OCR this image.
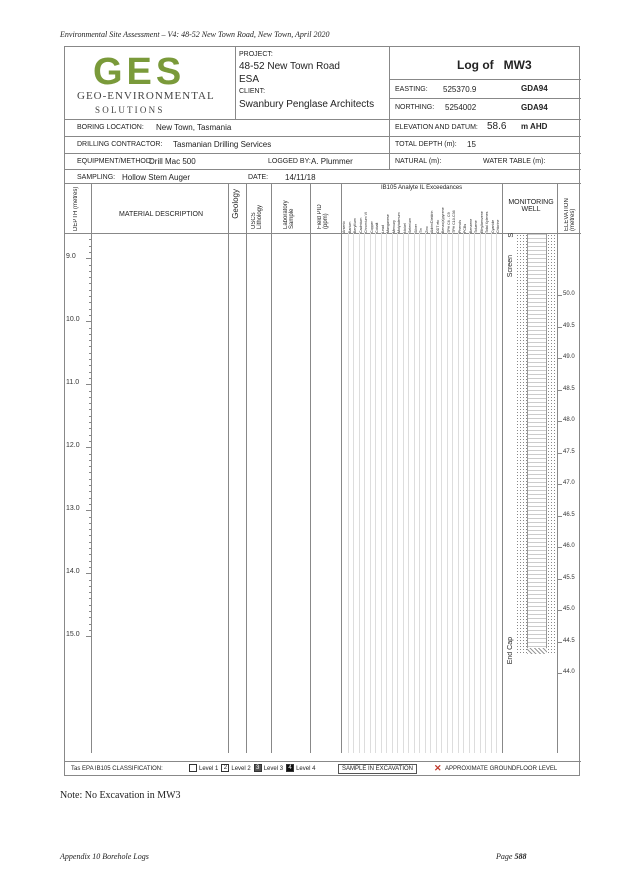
Environmental Site Assessment – V4: 48-52 New Town Road, New Town, April 2020
GES
GEO-ENVIRONMENTAL
S O L U T I O N S
PROJECT:
48-52 New Town Road
ESA
CLIENT:
Swanbury Penglase Architects
Log of   MW3
EASTING: 525370.9	GDA94
NORTHING: 5254002	GDA94
BORING LOCATION: New Town, Tasmania	ELEVATION AND DATUM: 58.6 m AHD
DRILLING CONTRACTOR: Tasmanian Drilling Services	TOTAL DEPTH (m): 15
EQUIPMENT/METHOD:
Drill Mac 500	LOGGED BY: A. Plummer	NATURAL (m):	WATER TABLE (m):
SAMPLING: Hollow Stem Auger	DATE: 14/11/18
DEPTH (metres)	MATERIAL DESCRIPTION	Geology
USCS Lithology	Laboratory Sample	Field PID (ppm)
IB105 Analyte IL Exceedances
Arsenic Barium Beryllium Cadmium Chromium VI Copper Cobalt Lead Manganese Mercury Molybdenum Nickel Selenium Silver Tin Zinc Aldrin/Dieldrin DDT etc Benzo(a)pyrene TPH C6 - C9 TPH C10-C36 Phenols PCBs Benzene Toluene Ethylbenzene Total Xylenes Cyanide Chlorine
MONITORING WELL	ELEVATION (metres)
9.0
10.0
11.0
12.0
13.0
14.0
15.0
50.0
49.5
49.0
48.5
48.0
47.5
47.0
46.5
46.0
45.5
45.0
44.5
44.0
S
Screen
End Cap
Tas EPA IB105 CLASSIFICATION:	Level 1 2 Level 2 3 Level 3 4 Level 4	SAMPLE IN EXCAVATION	✕ APPROXIMATE GROUNDFLOOR LEVEL
Note: No Excavation in MW3
Appendix 10 Borehole Logs	Page 588
